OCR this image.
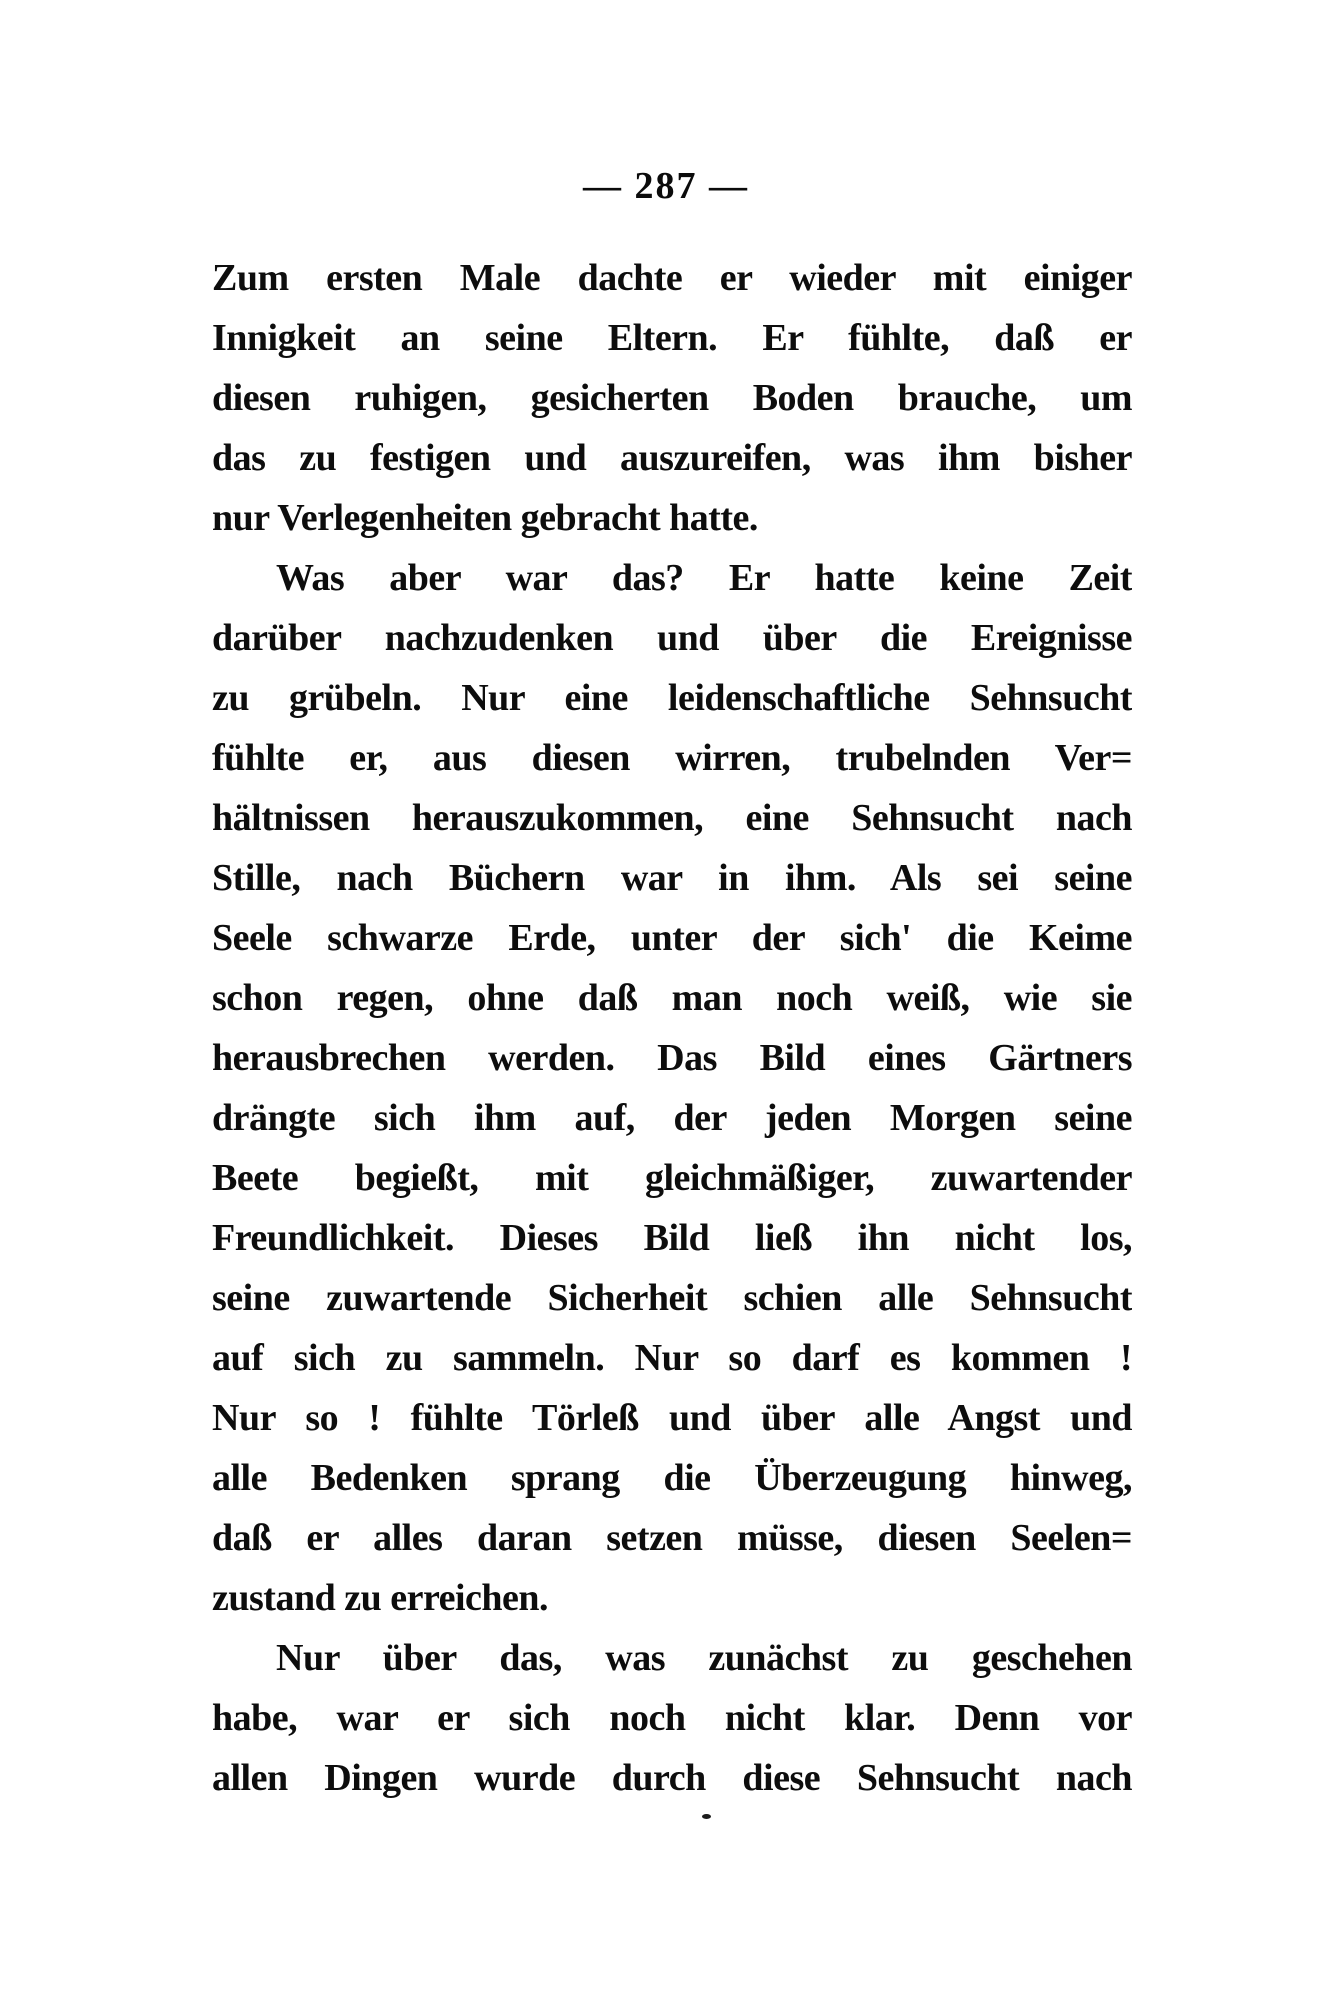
— 287 —
Zum ersten Male dachte er wieder mit einiger
Innigkeit an seine Eltern. Er fühlte, daß er
diesen ruhigen, gesicherten Boden brauche, um
das zu festigen und auszureifen, was ihm bisher
nur Verlegenheiten gebracht hatte.
Was aber war das? Er hatte keine Zeit
darüber nachzudenken und über die Ereignisse
zu grübeln. Nur eine leidenschaftliche Sehnsucht
fühlte er, aus diesen wirren, trubelnden Ver=
hältnissen herauszukommen, eine Sehnsucht nach
Stille, nach Büchern war in ihm. Als sei seine
Seele schwarze Erde, unter der sich' die Keime
schon regen, ohne daß man noch weiß, wie sie
herausbrechen werden. Das Bild eines Gärtners
drängte sich ihm auf, der jeden Morgen seine
Beete begießt, mit gleichmäßiger, zuwartender
Freundlichkeit. Dieses Bild ließ ihn nicht los,
seine zuwartende Sicherheit schien alle Sehnsucht
auf sich zu sammeln. Nur so darf es kommen !
Nur so ! fühlte Törleß und über alle Angst und
alle Bedenken sprang die Überzeugung hinweg,
daß er alles daran setzen müsse, diesen Seelen=
zustand zu erreichen.
Nur über das, was zunächst zu geschehen
habe, war er sich noch nicht klar. Denn vor
allen Dingen wurde durch diese Sehnsucht nach
